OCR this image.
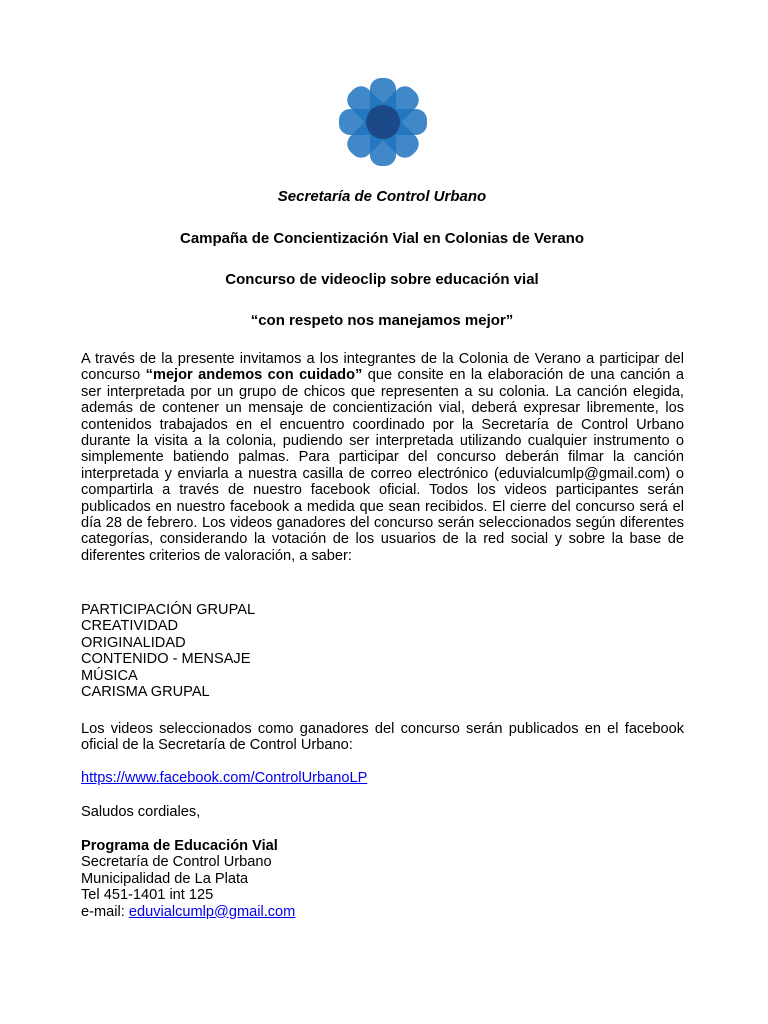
Secretaría de Control Urbano
Campaña de Concientización Vial en Colonias de Verano
Concurso de videoclip sobre educación vial
“con respeto nos manejamos mejor”

A través de la presente invitamos a los integrantes de la Colonia de Verano a participar del concurso “mejor andemos con cuidado” que consite en la elaboración de una canción a ser interpretada por un grupo de chicos que representen a su colonia. La canción elegida, además de contener un mensaje de concientización vial, deberá expresar libremente, los contenidos trabajados en el encuentro coordinado por la Secretaría de Control Urbano durante la visita a la colonia, pudiendo ser interpretada utilizando cualquier instrumento o simplemente batiendo palmas. Para participar del concurso deberán filmar la canción interpretada y enviarla a nuestra casilla de correo electrónico (eduvialcumlp@gmail.com) o compartirla a través de nuestro facebook oficial. Todos los videos participantes serán publicados en nuestro facebook a medida que sean recibidos. El cierre del concurso será el día 28 de febrero. Los videos ganadores del concurso serán seleccionados según diferentes categorías, considerando la votación de los usuarios de la red social y sobre la base de diferentes criterios de valoración, a saber:

PARTICIPACIÓN GRUPAL
CREATIVIDAD
ORIGINALIDAD
CONTENIDO - MENSAJE
MÚSICA
CARISMA GRUPAL
Los videos seleccionados como ganadores del concurso serán publicados en el facebook oficial de la Secretaría de Control Urbano:
https://www.facebook.com/ControlUrbanoLP
Saludos cordiales,
Programa de Educación Vial
Secretaría de Control Urbano
Municipalidad de La Plata
Tel 451-1401 int 125
e-mail: eduvialcumlp@gmail.com
